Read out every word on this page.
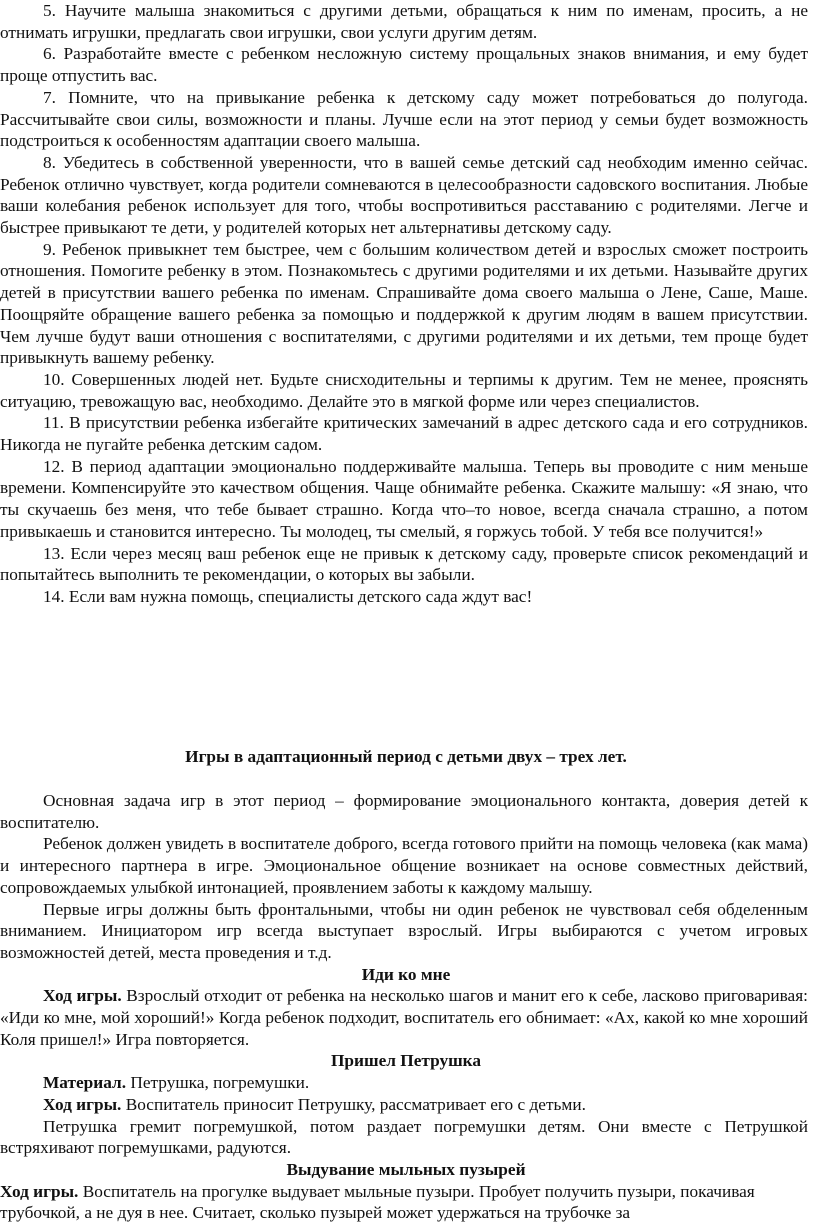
5. Научите малыша знакомиться с другими детьми, обращаться к ним по именам, просить, а не отнимать игрушки, предлагать свои игрушки, свои услуги другим детям.

6. Разработайте вместе с ребенком несложную систему прощальных знаков внимания, и ему будет проще отпустить вас.

7. Помните, что на привыкание ребенка к детскому саду может потребоваться до полугода. Рассчитывайте свои силы, возможности и планы. Лучше если на этот период у семьи будет возможность подстроиться к особенностям адаптации своего малыша.

8. Убедитесь в собственной уверенности, что в вашей семье детский сад необходим именно сейчас. Ребенок отлично чувствует, когда родители сомневаются в целесообразности садовского воспитания. Любые ваши колебания ребенок использует для того, чтобы воспротивиться расставанию с родителями. Легче и быстрее привыкают те дети, у родителей которых нет альтернативы детскому саду.

9. Ребенок привыкнет тем быстрее, чем с большим количеством детей и взрослых сможет построить отношения. Помогите ребенку в этом. Познакомьтесь с другими родителями и их детьми. Называйте других детей в присутствии вашего ребенка по именам. Спрашивайте дома своего малыша о Лене, Саше, Маше. Поощряйте обращение вашего ребенка за помощью и поддержкой к другим людям в вашем присутствии. Чем лучше будут ваши отношения с воспитателями, с другими родителями и их детьми, тем проще будет привыкнуть вашему ребенку.

10. Совершенных людей нет. Будьте снисходительны и терпимы к другим. Тем не менее, прояснять ситуацию, тревожащую вас, необходимо. Делайте это в мягкой форме или через специалистов.

11. В присутствии ребенка избегайте критических замечаний в адрес детского сада и его сотрудников. Никогда не пугайте ребенка детским садом.

12. В период адаптации эмоционально поддерживайте малыша. Теперь вы проводите с ним меньше времени. Компенсируйте это качеством общения. Чаще обнимайте ребенка. Скажите малышу: «Я знаю, что ты скучаешь без меня, что тебе бывает страшно. Когда что–то новое, всегда сначала страшно, а потом привыкаешь и становится интересно. Ты молодец, ты смелый, я горжусь тобой. У тебя все получится!»

13. Если через месяц ваш ребенок еще не привык к детскому саду, проверьте список рекомендаций и попытайтесь выполнить те рекомендации, о которых вы забыли.

14. Если вам нужна помощь, специалисты детского сада ждут вас!

Игры в адаптационный период с детьми двух – трех лет.

Основная задача игр в этот период – формирование эмоционального контакта, доверия детей к воспитателю.

Ребенок должен увидеть в воспитателе доброго, всегда готового прийти на помощь человека (как мама) и интересного партнера в игре. Эмоциональное общение возникает на основе совместных действий, сопровождаемых улыбкой интонацией, проявлением заботы к каждому малышу.

Первые игры должны быть фронтальными, чтобы ни один ребенок не чувствовал себя обделенным вниманием. Инициатором игр всегда выступает взрослый. Игры выбираются с учетом игровых возможностей детей, места проведения и т.д.

Иди ко мне

Ход игры. Взрослый отходит от ребенка на несколько шагов и манит его к себе, ласково приговаривая: «Иди ко мне, мой хороший!» Когда ребенок подходит, воспитатель его обнимает: «Ах, какой ко мне хороший Коля пришел!» Игра повторяется.

Пришел Петрушка

Материал. Петрушка, погремушки.

Ход игры. Воспитатель приносит Петрушку, рассматривает его с детьми.

Петрушка гремит погремушкой, потом раздает погремушки детям. Они вместе с Петрушкой встряхивают погремушками, радуются.

Выдувание мыльных пузырей

Ход игры. Воспитатель на прогулке выдувает мыльные пузыри. Пробует получить пузыри, покачивая трубочкой, а не дуя в нее. Считает, сколько пузырей может удержаться на трубочке за
